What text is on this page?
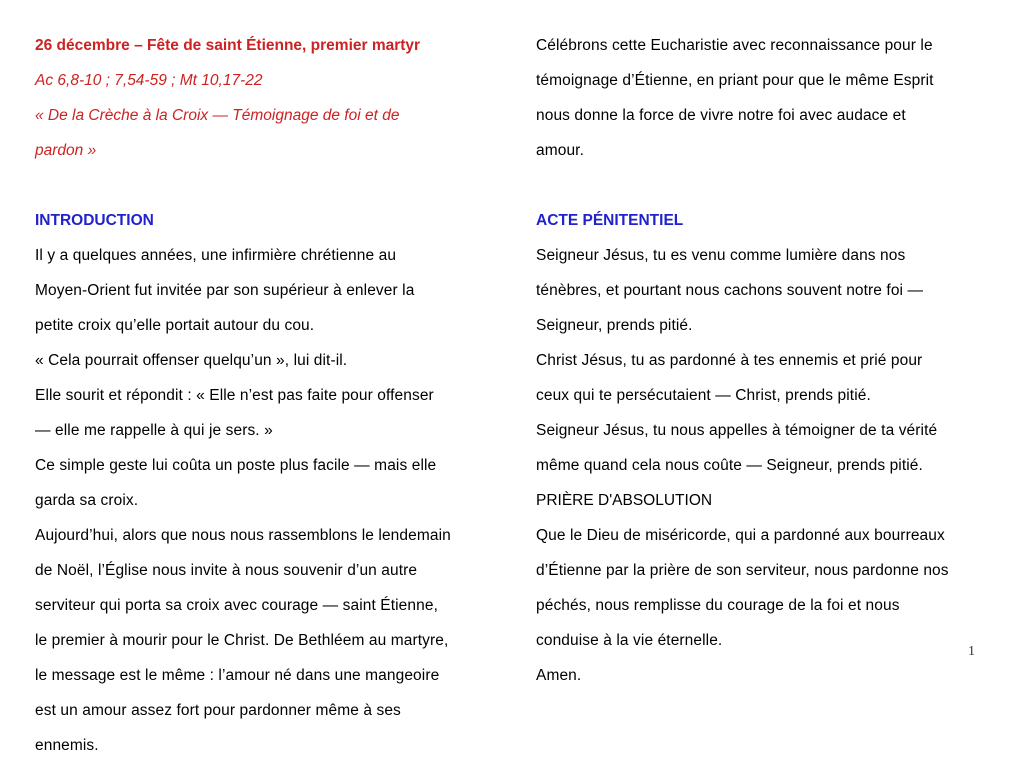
26 décembre – Fête de saint Étienne, premier martyr
Ac 6,8-10 ; 7,54-59 ; Mt 10,17-22
« De la Crèche à la Croix — Témoignage de foi et de
pardon »
INTRODUCTION
Il y a quelques années, une infirmière chrétienne au
Moyen-Orient fut invitée par son supérieur à enlever la
petite croix qu’elle portait autour du cou.
« Cela pourrait offenser quelqu’un », lui dit-il.
Elle sourit et répondit : « Elle n’est pas faite pour offenser
— elle me rappelle à qui je sers. »
Ce simple geste lui coûta un poste plus facile — mais elle
garda sa croix.
Aujourd’hui, alors que nous nous rassemblons le lendemain
de Noël, l’Église nous invite à nous souvenir d’un autre
serviteur qui porta sa croix avec courage — saint Étienne,
le premier à mourir pour le Christ. De Bethléem au martyre,
le message est le même : l’amour né dans une mangeoire
est un amour assez fort pour pardonner même à ses
ennemis.
Célébrons cette Eucharistie avec reconnaissance pour le
témoignage d’Étienne, en priant pour que le même Esprit
nous donne la force de vivre notre foi avec audace et
amour.
ACTE PÉNITENTIEL
Seigneur Jésus, tu es venu comme lumière dans nos
ténèbres, et pourtant nous cachons souvent notre foi —
Seigneur, prends pitié.
Christ Jésus, tu as pardonné à tes ennemis et prié pour
ceux qui te persécutaient — Christ, prends pitié.
Seigneur Jésus, tu nous appelles à témoigner de ta vérité
même quand cela nous coûte — Seigneur, prends pitié.
PRIÈRE D'ABSOLUTION
Que le Dieu de miséricorde, qui a pardonné aux bourreaux
d’Étienne par la prière de son serviteur, nous pardonne nos
péchés, nous remplisse du courage de la foi et nous
conduise à la vie éternelle.
Amen.
1
